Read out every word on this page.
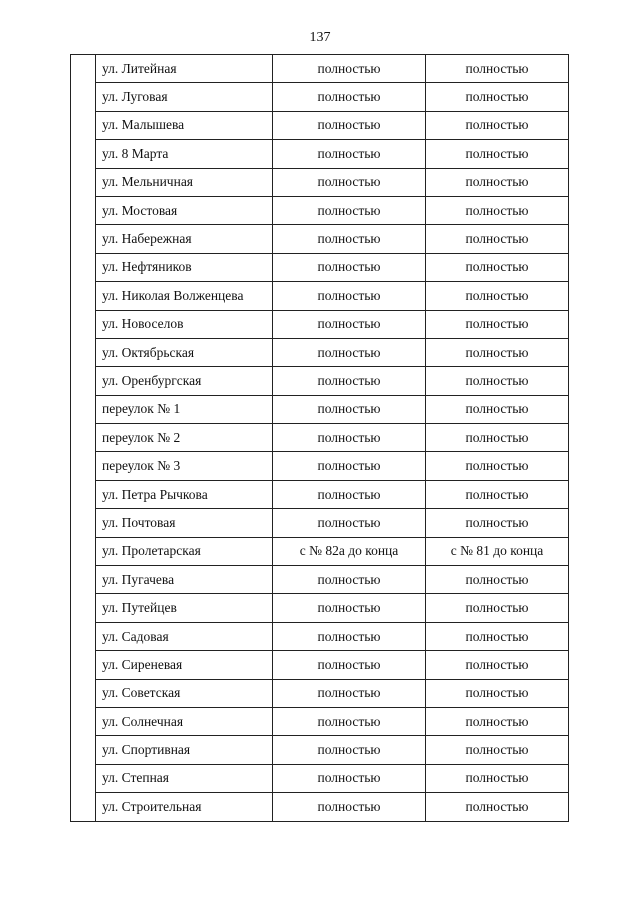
137
	ул. Литейная	полностью	полностью
	ул. Луговая	полностью	полностью
	ул. Малышева	полностью	полностью
	ул. 8 Марта	полностью	полностью
	ул. Мельничная	полностью	полностью
	ул. Мостовая	полностью	полностью
	ул. Набережная	полностью	полностью
	ул. Нефтяников	полностью	полностью
	ул. Николая Волженцева	полностью	полностью
	ул. Новоселов	полностью	полностью
	ул. Октябрьская	полностью	полностью
	ул. Оренбургская	полностью	полностью
	переулок № 1	полностью	полностью
	переулок № 2	полностью	полностью
	переулок № 3	полностью	полностью
	ул. Петра Рычкова	полностью	полностью
	ул. Почтовая	полностью	полностью
	ул. Пролетарская	с № 82а до конца	с № 81 до конца
	ул. Пугачева	полностью	полностью
	ул. Путейцев	полностью	полностью
	ул. Садовая	полностью	полностью
	ул. Сиреневая	полностью	полностью
	ул. Советская	полностью	полностью
	ул. Солнечная	полностью	полностью
	ул. Спортивная	полностью	полностью
	ул. Степная	полностью	полностью
	ул. Строительная	полностью	полностью
